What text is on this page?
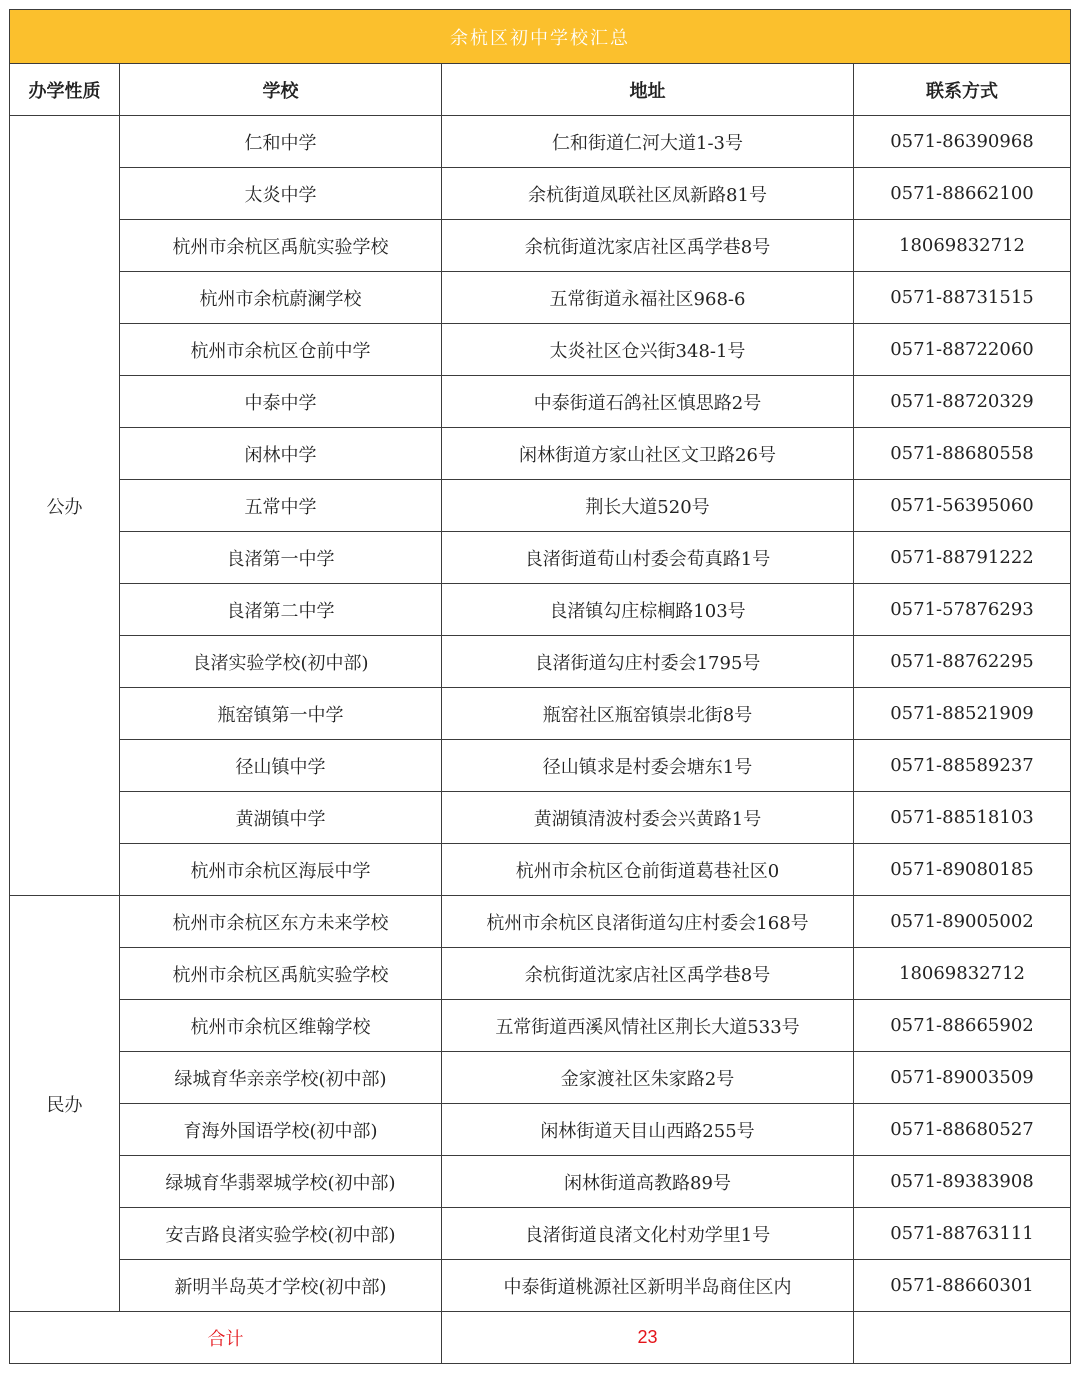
余杭区初中学校汇总			
办学性质	学校	地址	联系方式
公办	仁和中学	仁和街道仁河大道1-3号	0571-86390968
	太炎中学	余杭街道凤联社区凤新路81号	0571-88662100
	杭州市余杭区禹航实验学校	余杭街道沈家店社区禹学巷8号	18069832712
	杭州市余杭蔚澜学校	五常街道永福社区968-6	0571-88731515
	杭州市余杭区仓前中学	太炎社区仓兴街348-1号	0571-88722060
	中泰中学	中泰街道石鸽社区慎思路2号	0571-88720329
	闲林中学	闲林街道方家山社区文卫路26号	0571-88680558
	五常中学	荆长大道520号	0571-56395060
	良渚第一中学	良渚街道荀山村委会荀真路1号	0571-88791222
	良渚第二中学	良渚镇勾庄棕榈路103号	0571-57876293
	良渚实验学校(初中部)	良渚街道勾庄村委会1795号	0571-88762295
	瓶窑镇第一中学	瓶窑社区瓶窑镇崇北街8号	0571-88521909
	径山镇中学	径山镇求是村委会塘东1号	0571-88589237
	黄湖镇中学	黄湖镇清波村委会兴黄路1号	0571-88518103
	杭州市余杭区海辰中学	杭州市余杭区仓前街道葛巷社区0	0571-89080185
民办	杭州市余杭区东方未来学校	杭州市余杭区良渚街道勾庄村委会168号	0571-89005002
	杭州市余杭区禹航实验学校	余杭街道沈家店社区禹学巷8号	18069832712
	杭州市余杭区维翰学校	五常街道西溪风情社区荆长大道533号	0571-88665902
	绿城育华亲亲学校(初中部)	金家渡社区朱家路2号	0571-89003509
	育海外国语学校(初中部)	闲林街道天目山西路255号	0571-88680527
	绿城育华翡翠城学校(初中部)	闲林街道高教路89号	0571-89383908
	安吉路良渚实验学校(初中部)	良渚街道良渚文化村劝学里1号	0571-88763111
	新明半岛英才学校(初中部)	中泰街道桃源社区新明半岛商住区内	0571-88660301
合计		23	
